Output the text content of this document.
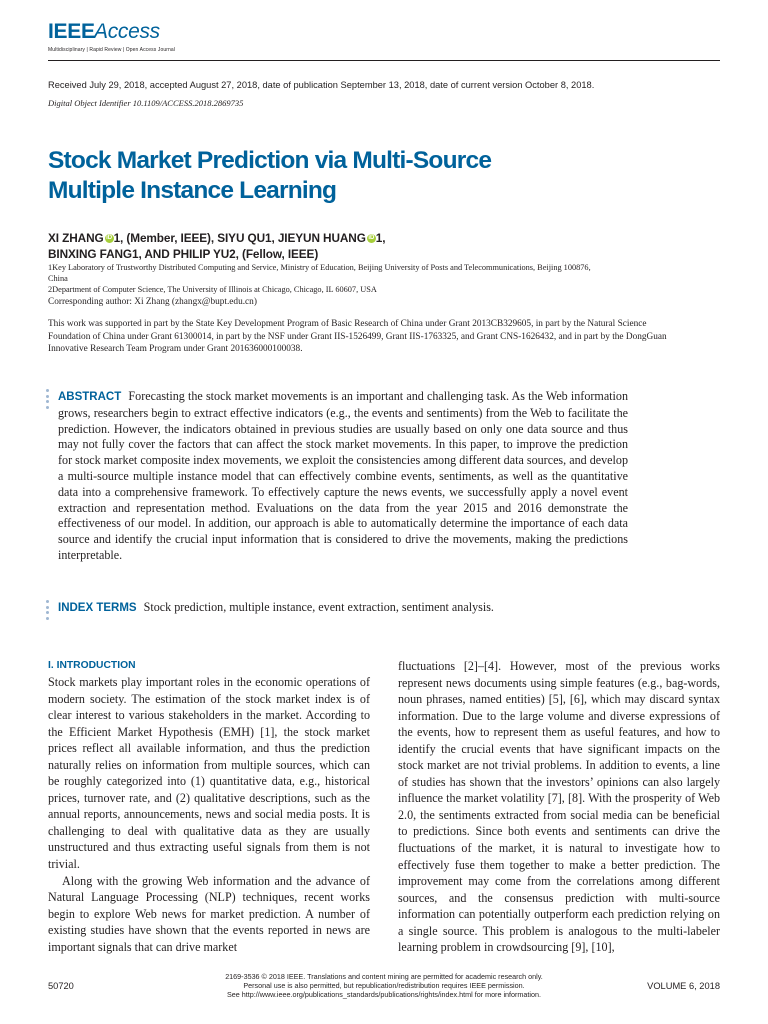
IEEE Access
Multidisciplinary | Rapid Review | Open Access Journal
Received July 29, 2018, accepted August 27, 2018, date of publication September 13, 2018, date of current version October 8, 2018.
Digital Object Identifier 10.1109/ACCESS.2018.2869735
Stock Market Prediction via Multi-Source
Multiple Instance Learning
XI ZHANG iD 1, (Member, IEEE), SIYU QU1, JIEYUN HUANG iD 1,
BINXING FANG1, AND PHILIP YU2, (Fellow, IEEE)
1Key Laboratory of Trustworthy Distributed Computing and Service, Ministry of Education, Beijing University of Posts and Telecommunications, Beijing 100876, China
2Department of Computer Science, The University of Illinois at Chicago, Chicago, IL 60607, USA
Corresponding author: Xi Zhang (zhangx@bupt.edu.cn)
This work was supported in part by the State Key Development Program of Basic Research of China under Grant 2013CB329605, in part by the Natural Science Foundation of China under Grant 61300014, in part by the NSF under Grant IIS-1526499, Grant IIS-1763325, and Grant CNS-1626432, and in part by the DongGuan Innovative Research Team Program under Grant 201636000100038.
ABSTRACT Forecasting the stock market movements is an important and challenging task. As the Web information grows, researchers begin to extract effective indicators (e.g., the events and sentiments) from the Web to facilitate the prediction. However, the indicators obtained in previous studies are usually based on only one data source and thus may not fully cover the factors that can affect the stock market movements. In this paper, to improve the prediction for stock market composite index movements, we exploit the consistencies among different data sources, and develop a multi-source multiple instance model that can effectively combine events, sentiments, as well as the quantitative data into a comprehensive framework. To effectively capture the news events, we successfully apply a novel event extraction and representation method. Evaluations on the data from the year 2015 and 2016 demonstrate the effectiveness of our model. In addition, our approach is able to automatically determine the importance of each data source and identify the crucial input information that is considered to drive the movements, making the predictions interpretable.
INDEX TERMS Stock prediction, multiple instance, event extraction, sentiment analysis.
I. INTRODUCTION

Stock markets play important roles in the economic operations of modern society. The estimation of the stock market index is of clear interest to various stakeholders in the market. According to the Efficient Market Hypothesis (EMH) [1], the stock market prices reflect all available information, and thus the prediction naturally relies on information from multiple sources, which can be roughly categorized into (1) quantitative data, e.g., historical prices, turnover rate, and (2) qualitative descriptions, such as the annual reports, announcements, news and social media posts. It is challenging to deal with qualitative data as they are usually unstructured and thus extracting useful signals from them is not trivial.

Along with the growing Web information and the advance of Natural Language Processing (NLP) techniques, recent works begin to explore Web news for market prediction. A number of existing studies have shown that the events reported in news are important signals that can drive market

fluctuations [2]–[4]. However, most of the previous works represent news documents using simple features (e.g., bag-words, noun phrases, named entities) [5], [6], which may discard syntax information. Due to the large volume and diverse expressions of the events, how to represent them as useful features, and how to identify the crucial events that have significant impacts on the stock market are not trivial problems. In addition to events, a line of studies has shown that the investors’ opinions can also largely influence the market volatility [7], [8]. With the prosperity of Web 2.0, the sentiments extracted from social media can be beneficial to predictions. Since both events and sentiments can drive the fluctuations of the market, it is natural to investigate how to effectively fuse them together to make a better prediction. The improvement may come from the correlations among different sources, and the consensus prediction with multi-source information can potentially outperform each prediction relying on a single source. This problem is analogous to the multi-labeler learning problem in crowdsourcing [9], [10],

50720
2169-3536 © 2018 IEEE. Translations and content mining are permitted for academic research only.
Personal use is also permitted, but republication/redistribution requires IEEE permission.
See http://www.ieee.org/publications_standards/publications/rights/index.html for more information.
VOLUME 6, 2018
